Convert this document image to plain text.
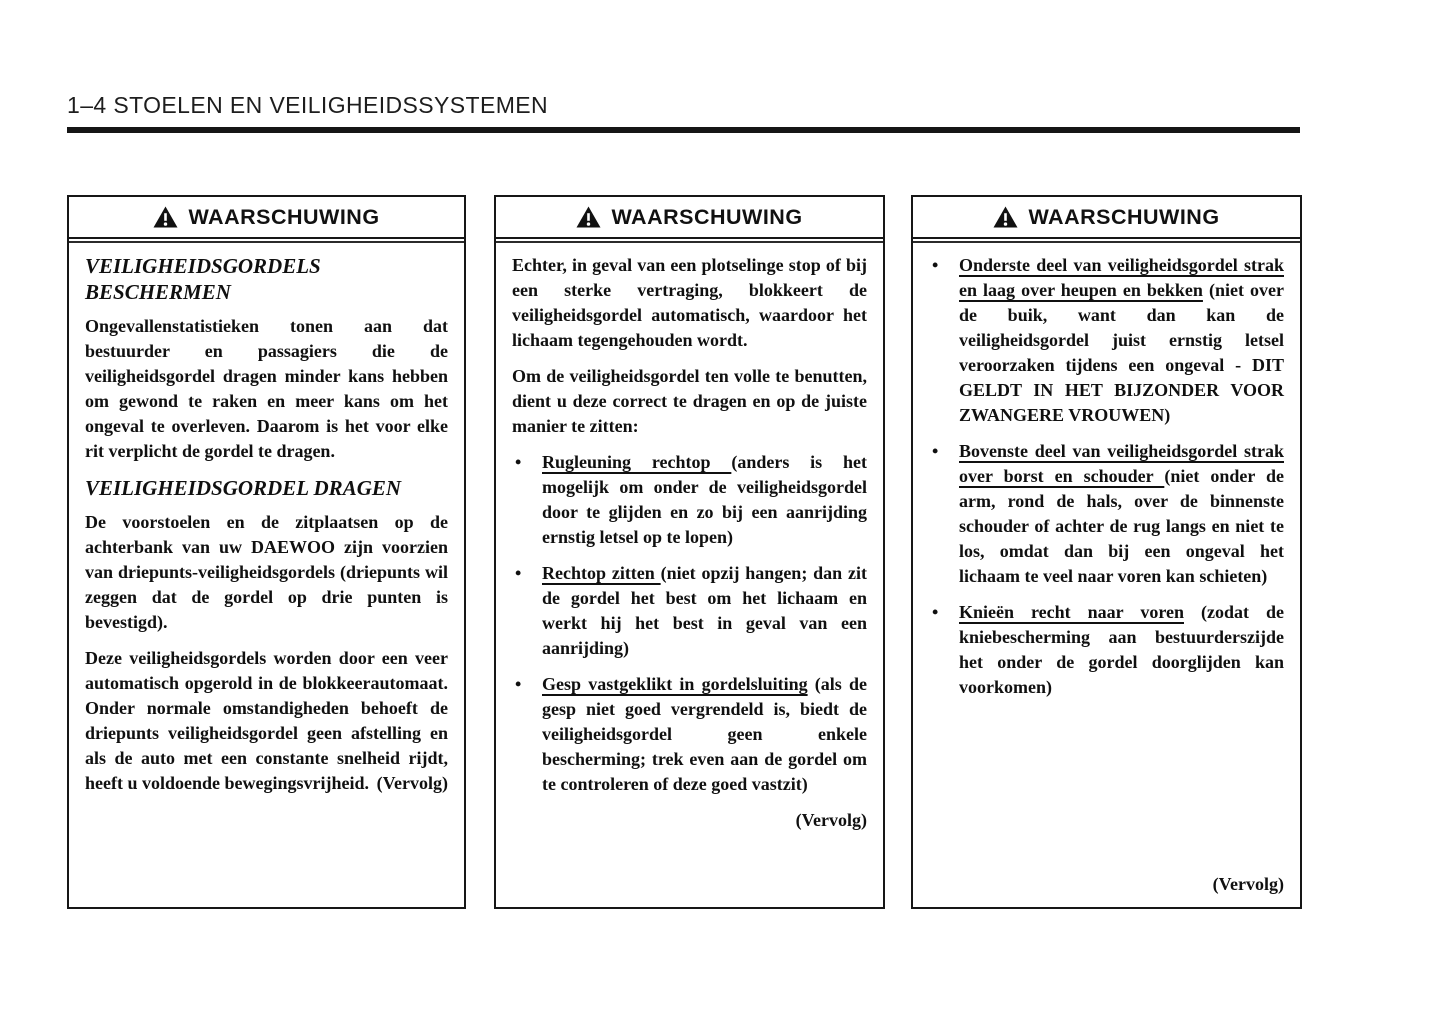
1–4 STOELEN EN VEILIGHEIDSSYSTEMEN
WAARSCHUWING

VEILIGHEIDSGORDELS BESCHERMEN

Ongevallenstatistieken tonen aan dat bestuurder en passagiers die de veiligheidsgordel dragen minder kans hebben om gewond te raken en meer kans om het ongeval te overleven. Daarom is het voor elke rit verplicht de gordel te dragen.

VEILIGHEIDSGORDEL DRAGEN

De voorstoelen en de zitplaatsen op de achterbank van uw DAEWOO zijn voorzien van driepunts-veiligheidsgordels (driepunts wil zeggen dat de gordel op drie punten is bevestigd).

Deze veiligheidsgordels worden door een veer automatisch opgerold in de blokkeerautomaat. Onder normale omstandigheden behoeft de driepunts veiligheidsgordel geen afstelling en als de auto met een constante snelheid rijdt, heeft u voldoende bewegingsvrijheid. (Vervolg)

WAARSCHUWING

Echter, in geval van een plotselinge stop of bij een sterke vertraging, blokkeert de veiligheidsgordel automatisch, waardoor het lichaam tegengehouden wordt.

Om de veiligheidsgordel ten volle te benutten, dient u deze correct te dragen en op de juiste manier te zitten:

•	Rugleuning rechtop (anders is het mogelijk om onder de veiligheidsgordel door te glijden en zo bij een aanrijding ernstig letsel op te lopen)
•	Rechtop zitten (niet opzij hangen; dan zit de gordel het best om het lichaam en werkt hij het best in geval van een aanrijding)
•	Gesp vastgeklikt in gordelsluiting (als de gesp niet goed vergrendeld is, biedt de veiligheidsgordel geen enkele bescherming; trek even aan de gordel om te controleren of deze goed vastzit)
(Vervolg)
WAARSCHUWING
•	Onderste deel van veiligheidsgordel strak en laag over heupen en bekken (niet over de buik, want dan kan de veiligheidsgordel juist ernstig letsel veroorzaken tijdens een ongeval - DIT GELDT IN HET BIJZONDER VOOR ZWANGERE VROUWEN)
•	Bovenste deel van veiligheidsgordel strak over borst en schouder (niet onder de arm, rond de hals, over de binnenste schouder of achter de rug langs en niet te los, omdat dan bij een ongeval het lichaam te veel naar voren kan schieten)
•	Knieën recht naar voren (zodat de kniebescherming aan bestuurderszijde het onder de gordel doorglijden kan voorkomen)
(Vervolg)
